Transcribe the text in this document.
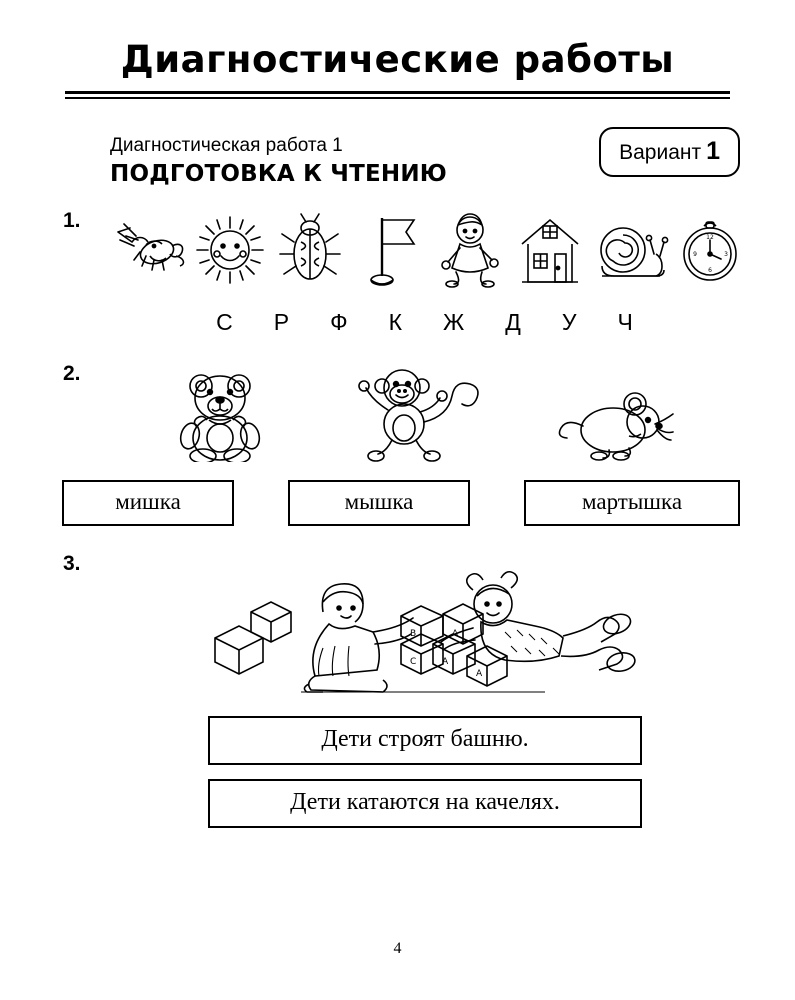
Диагностические работы
Диагностическая работа 1
ПОДГОТОВКА К ЧТЕНИЮ
Вариант 1
1.
12
3
6
9
С Р Ф К Ж Д У Ч
2.
мишка	мышка	мартышка
3.
B
C	A
A
A
Дети строят башню.
Дети катаются на качелях.
4
